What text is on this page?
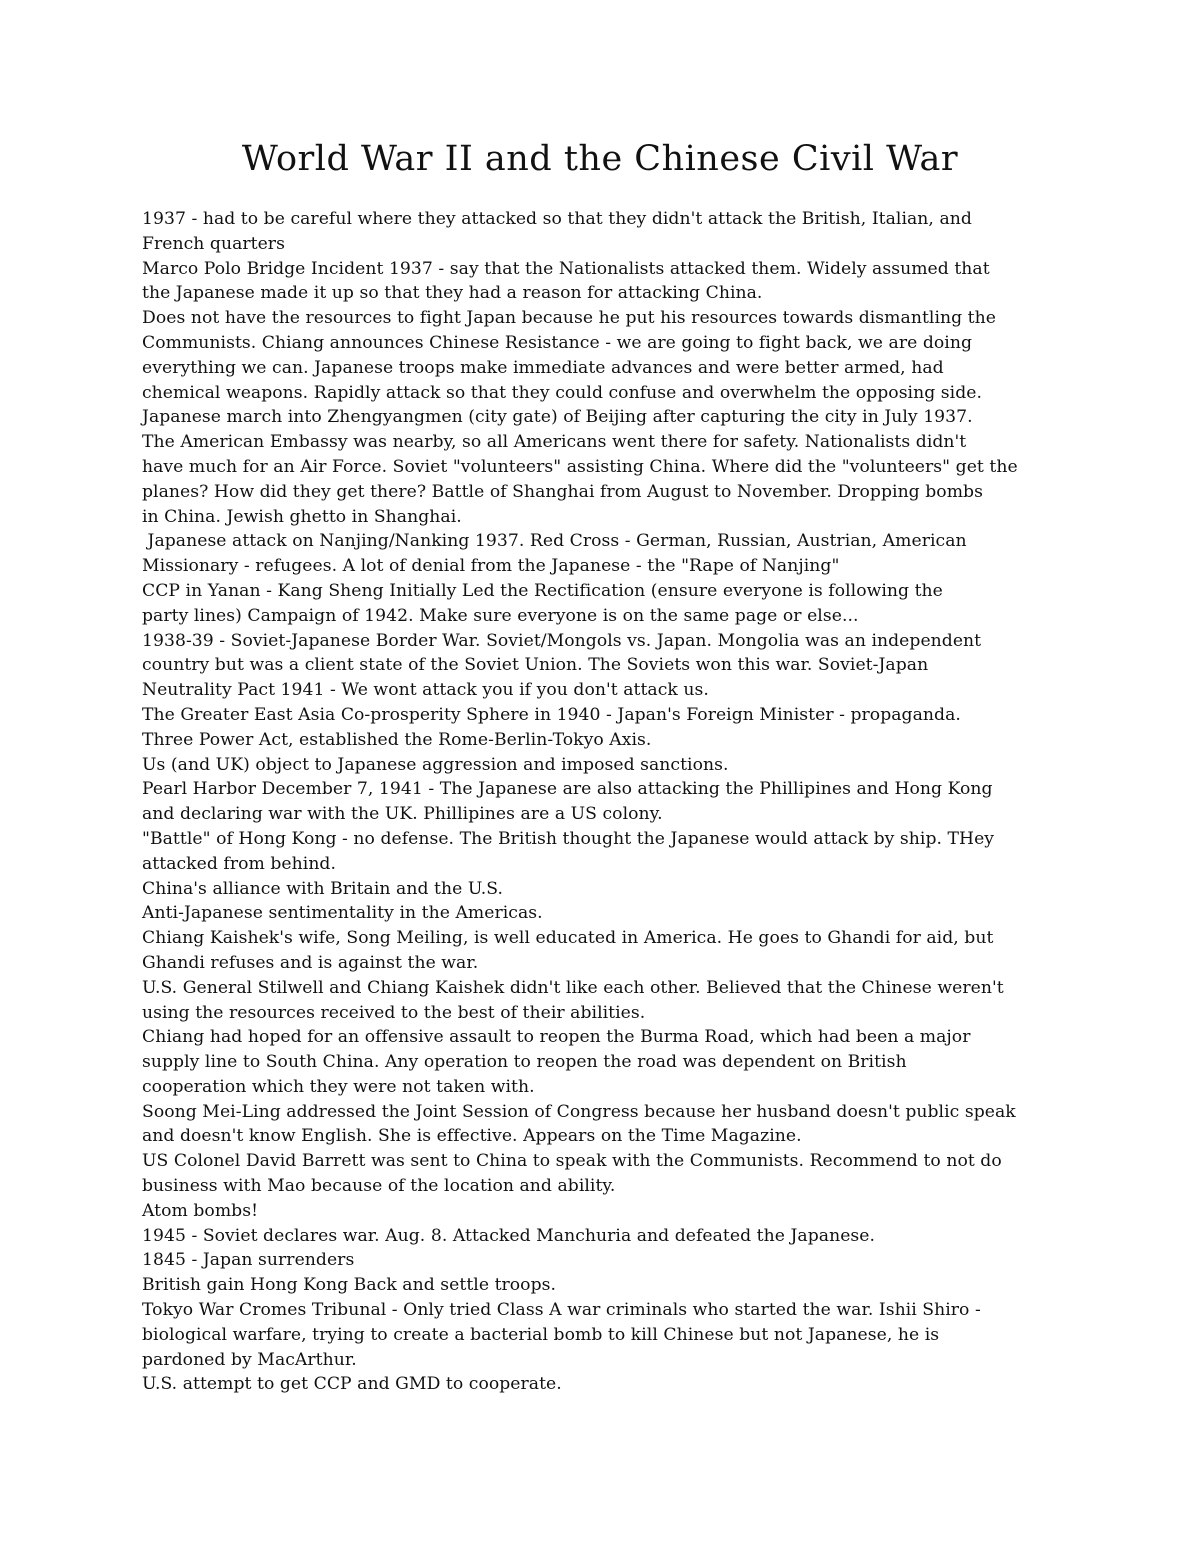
World War II and the Chinese Civil War
1937 - had to be careful where they attacked so that they didn't attack the British, Italian, and
French quarters
Marco Polo Bridge Incident 1937 - say that the Nationalists attacked them. Widely assumed that
the Japanese made it up so that they had a reason for attacking China.
Does not have the resources to fight Japan because he put his resources towards dismantling the
Communists. Chiang announces Chinese Resistance - we are going to fight back, we are doing
everything we can. Japanese troops make immediate advances and were better armed, had
chemical weapons. Rapidly attack so that they could confuse and overwhelm the opposing side.
Japanese march into Zhengyangmen (city gate) of Beijing after capturing the city in July 1937.
The American Embassy was nearby, so all Americans went there for safety. Nationalists didn't
have much for an Air Force. Soviet "volunteers" assisting China. Where did the "volunteers" get the
planes? How did they get there? Battle of Shanghai from August to November. Dropping bombs
in China. Jewish ghetto in Shanghai.
Japanese attack on Nanjing/Nanking 1937. Red Cross - German, Russian, Austrian, American
Missionary - refugees. A lot of denial from the Japanese - the "Rape of Nanjing"
CCP in Yanan - Kang Sheng Initially Led the Rectification (ensure everyone is following the
party lines) Campaign of 1942. Make sure everyone is on the same page or else...
1938-39 - Soviet-Japanese Border War. Soviet/Mongols vs. Japan. Mongolia was an independent
country but was a client state of the Soviet Union. The Soviets won this war. Soviet-Japan
Neutrality Pact 1941 - We wont attack you if you don't attack us.
The Greater East Asia Co-prosperity Sphere in 1940 - Japan's Foreign Minister - propaganda.
Three Power Act, established the Rome-Berlin-Tokyo Axis.
Us (and UK) object to Japanese aggression and imposed sanctions.
Pearl Harbor December 7, 1941 - The Japanese are also attacking the Phillipines and Hong Kong
and declaring war with the UK. Phillipines are a US colony.
"Battle" of Hong Kong - no defense. The British thought the Japanese would attack by ship. THey
attacked from behind.
China's alliance with Britain and the U.S.
Anti-Japanese sentimentality in the Americas.
Chiang Kaishek's wife, Song Meiling, is well educated in America. He goes to Ghandi for aid, but
Ghandi refuses and is against the war.
U.S. General Stilwell and Chiang Kaishek didn't like each other. Believed that the Chinese weren't
using the resources received to the best of their abilities.
Chiang had hoped for an offensive assault to reopen the Burma Road, which had been a major
supply line to South China. Any operation to reopen the road was dependent on British
cooperation which they were not taken with.
Soong Mei-Ling addressed the Joint Session of Congress because her husband doesn't public speak
and doesn't know English. She is effective. Appears on the Time Magazine.
US Colonel David Barrett was sent to China to speak with the Communists. Recommend to not do
business with Mao because of the location and ability.
Atom bombs!
1945 - Soviet declares war. Aug. 8. Attacked Manchuria and defeated the Japanese.
1845 - Japan surrenders
British gain Hong Kong Back and settle troops.
Tokyo War Cromes Tribunal - Only tried Class A war criminals who started the war. Ishii Shiro -
biological warfare, trying to create a bacterial bomb to kill Chinese but not Japanese, he is
pardoned by MacArthur.
U.S. attempt to get CCP and GMD to cooperate.
